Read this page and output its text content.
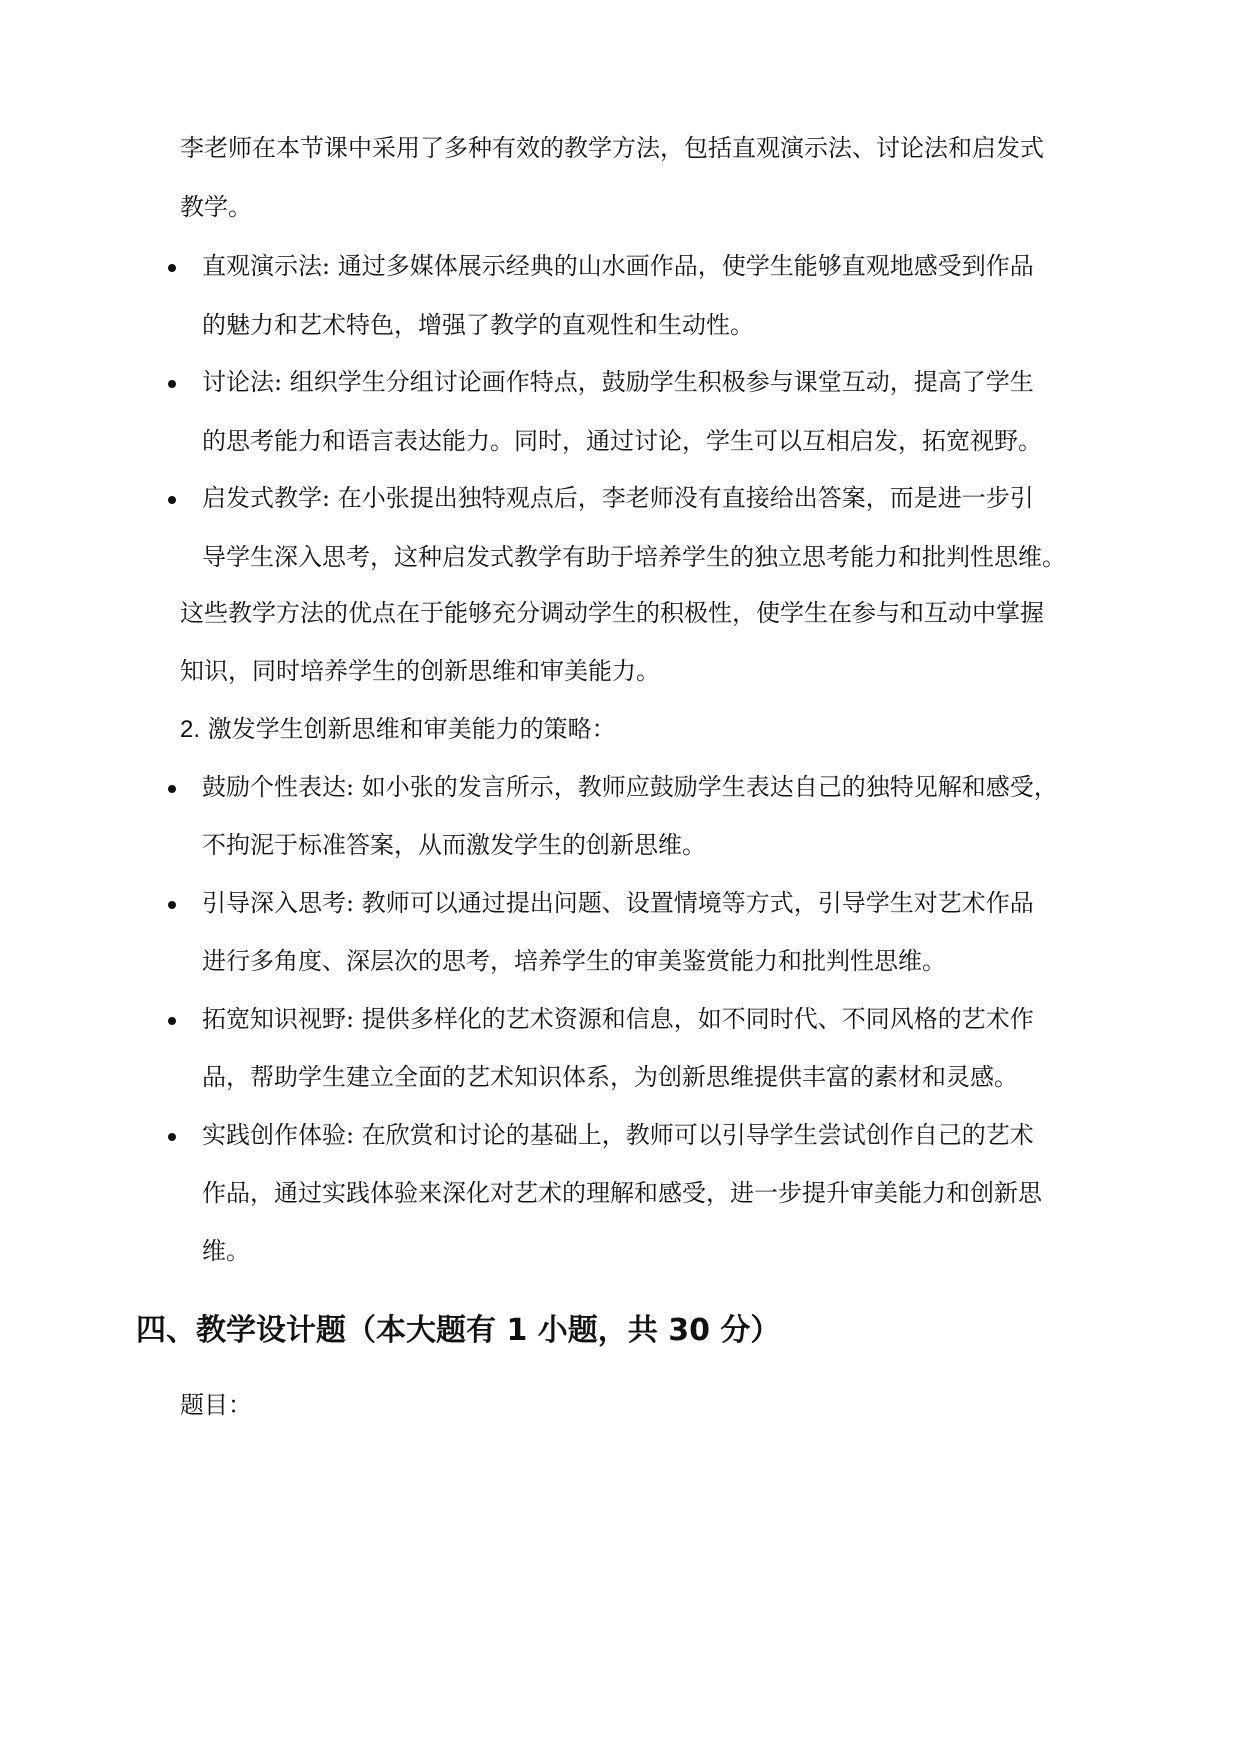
李老师在本节课中采用了多种有效的教学方法，包括直观演示法、讨论法和启发式
教学。
直观演示法: 通过多媒体展示经典的山水画作品，使学生能够直观地感受到作品
的魅力和艺术特色，增强了教学的直观性和生动性。
讨论法: 组织学生分组讨论画作特点，鼓励学生积极参与课堂互动，提高了学生
的思考能力和语言表达能力。同时，通过讨论，学生可以互相启发，拓宽视野。
启发式教学: 在小张提出独特观点后，李老师没有直接给出答案，而是进一步引
导学生深入思考，这种启发式教学有助于培养学生的独立思考能力和批判性思维。
这些教学方法的优点在于能够充分调动学生的积极性，使学生在参与和互动中掌握
知识，同时培养学生的创新思维和审美能力。
2. 激发学生创新思维和审美能力的策略：
鼓励个性表达: 如小张的发言所示，教师应鼓励学生表达自己的独特见解和感受，
不拘泥于标准答案，从而激发学生的创新思维。
引导深入思考: 教师可以通过提出问题、设置情境等方式，引导学生对艺术作品
进行多角度、深层次的思考，培养学生的审美鉴赏能力和批判性思维。
拓宽知识视野: 提供多样化的艺术资源和信息，如不同时代、不同风格的艺术作
品，帮助学生建立全面的艺术知识体系，为创新思维提供丰富的素材和灵感。
实践创作体验: 在欣赏和讨论的基础上，教师可以引导学生尝试创作自己的艺术
作品，通过实践体验来深化对艺术的理解和感受，进一步提升审美能力和创新思
维。
四、教学设计题（本大题有 1 小题，共 30 分）
题目：
